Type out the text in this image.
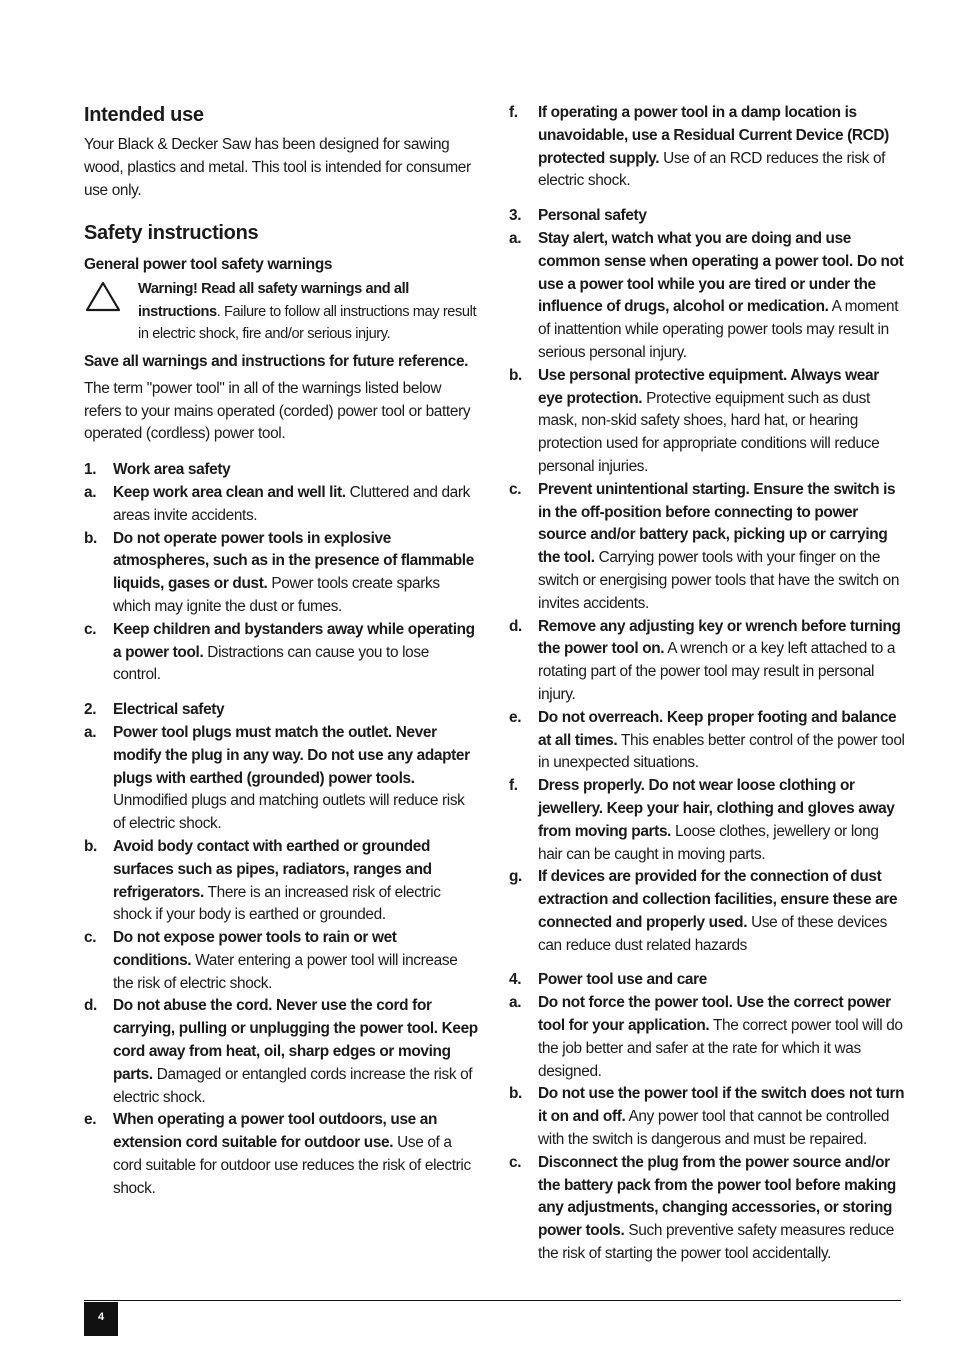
Intended use

Your Black & Decker Saw has been designed for sawing wood, plastics and metal. This tool is intended for consumer use only.

Safety instructions
General power tool safety warnings
Warning! Read all safety warnings and all instructions. Failure to follow all instructions may result in electric shock, fire and/or serious injury.
Save all warnings and instructions for future reference.

The term "power tool" in all of the warnings listed below refers to your mains operated (corded) power tool or battery operated (cordless) power tool.

1.	Work area safety
a.	Keep work area clean and well lit. Cluttered and dark areas invite accidents.
b.	Do not operate power tools in explosive atmospheres, such as in the presence of flammable liquids, gases or dust. Power tools create sparks which may ignite the dust or fumes.
c.	Keep children and bystanders away while operating a power tool. Distractions can cause you to lose control.
2.	Electrical safety
a.	Power tool plugs must match the outlet. Never modify the plug in any way. Do not use any adapter plugs with earthed (grounded) power tools. Unmodified plugs and matching outlets will reduce risk of electric shock.
b.	Avoid body contact with earthed or grounded surfaces such as pipes, radiators, ranges and refrigerators. There is an increased risk of electric shock if your body is earthed or grounded.
c.	Do not expose power tools to rain or wet conditions. Water entering a power tool will increase the risk of electric shock.
d.	Do not abuse the cord. Never use the cord for carrying, pulling or unplugging the power tool. Keep cord away from heat, oil, sharp edges or moving parts. Damaged or entangled cords increase the risk of electric shock.
e.	When operating a power tool outdoors, use an extension cord suitable for outdoor use. Use of a cord suitable for outdoor use reduces the risk of electric shock.
f.	If operating a power tool in a damp location is unavoidable, use a Residual Current Device (RCD) protected supply. Use of an RCD reduces the risk of electric shock.
3.	Personal safety
a.	Stay alert, watch what you are doing and use common sense when operating a power tool. Do not use a power tool while you are tired or under the influence of drugs, alcohol or medication. A moment of inattention while operating power tools may result in serious personal injury.
b.	Use personal protective equipment. Always wear eye protection. Protective equipment such as dust mask, non-skid safety shoes, hard hat, or hearing protection used for appropriate conditions will reduce personal injuries.
c.	Prevent unintentional starting. Ensure the switch is in the off-position before connecting to power source and/or battery pack, picking up or carrying the tool. Carrying power tools with your finger on the switch or energising power tools that have the switch on invites accidents.
d.	Remove any adjusting key or wrench before turning the power tool on. A wrench or a key left attached to a rotating part of the power tool may result in personal injury.
e.	Do not overreach. Keep proper footing and balance at all times. This enables better control of the power tool in unexpected situations.
f.	Dress properly. Do not wear loose clothing or jewellery. Keep your hair, clothing and gloves away from moving parts. Loose clothes, jewellery or long hair can be caught in moving parts.
g.	If devices are provided for the connection of dust extraction and collection facilities, ensure these are connected and properly used. Use of these devices can reduce dust related hazards
4.	Power tool use and care
a.	Do not force the power tool. Use the correct power tool for your application. The correct power tool will do the job better and safer at the rate for which it was designed.
b.	Do not use the power tool if the switch does not turn it on and off. Any power tool that cannot be controlled with the switch is dangerous and must be repaired.
c.	Disconnect the plug from the power source and/or the battery pack from the power tool before making any adjustments, changing accessories, or storing power tools. Such preventive safety measures reduce the risk of starting the power tool accidentally.
4
